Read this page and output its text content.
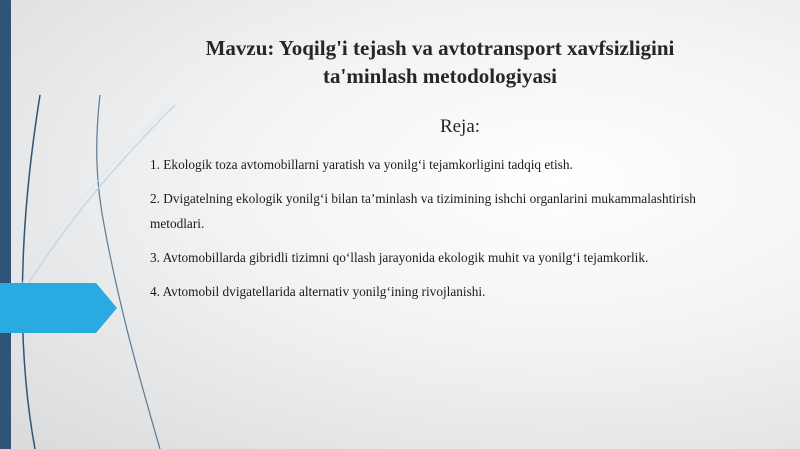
Mavzu: Yoqilg'i tejash va avtotransport xavfsizligini ta'minlash metodologiyasi
Reja:
1. Ekologik toza avtomobillarni yaratish va yonilg‘i tejamkorligini tadqiq etish.
2. Dvigatelning ekologik yonilg‘i bilan ta’minlash va tizimining ishchi organlarini mukammalashtirish metodlari.
3. Avtomobillarda gibridli tizimni qo‘llash jarayonida ekologik muhit va yonilg‘i tejamkorlik.
4. Avtomobil dvigatellarida alternativ yonilg‘ining rivojlanishi.
